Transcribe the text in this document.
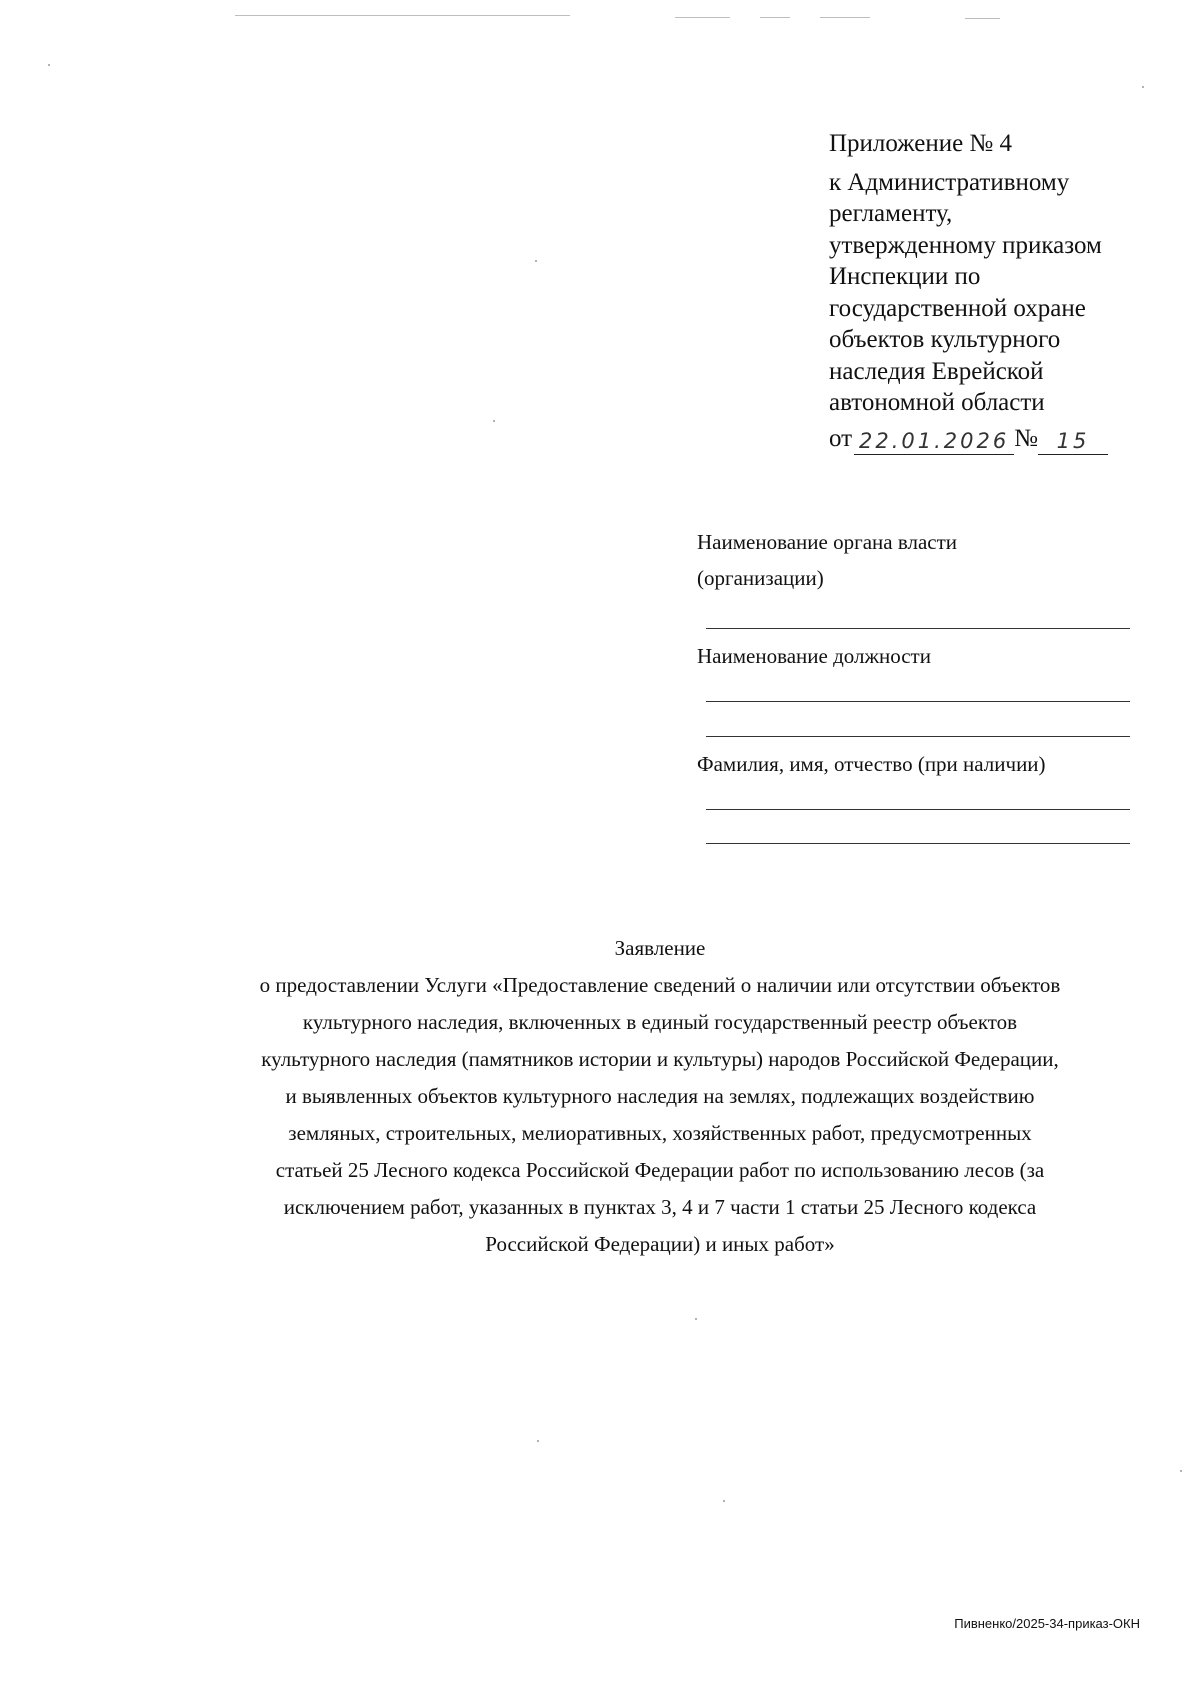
Приложение № 4
к Административному
регламенту,
утвержденному приказом
Инспекции по
государственной охране
объектов культурного
наследия Еврейской
автономной области
от 22.01.2026 № 15
Наименование органа власти
(организации)
Наименование должности
Фамилия, имя, отчество (при наличии)
Заявление
о предоставлении Услуги «Предоставление сведений о наличии или отсутствии объектов
культурного наследия, включенных в единый государственный реестр объектов
культурного наследия (памятников истории и культуры) народов Российской Федерации,
и выявленных объектов культурного наследия на землях, подлежащих воздействию
земляных, строительных, мелиоративных, хозяйственных работ, предусмотренных
статьей 25 Лесного кодекса Российской Федерации работ по использованию лесов (за
исключением работ, указанных в пунктах 3, 4 и 7 части 1 статьи 25 Лесного кодекса
Российской Федерации) и иных работ»
Пивненко/2025-34-приказ-ОКН
